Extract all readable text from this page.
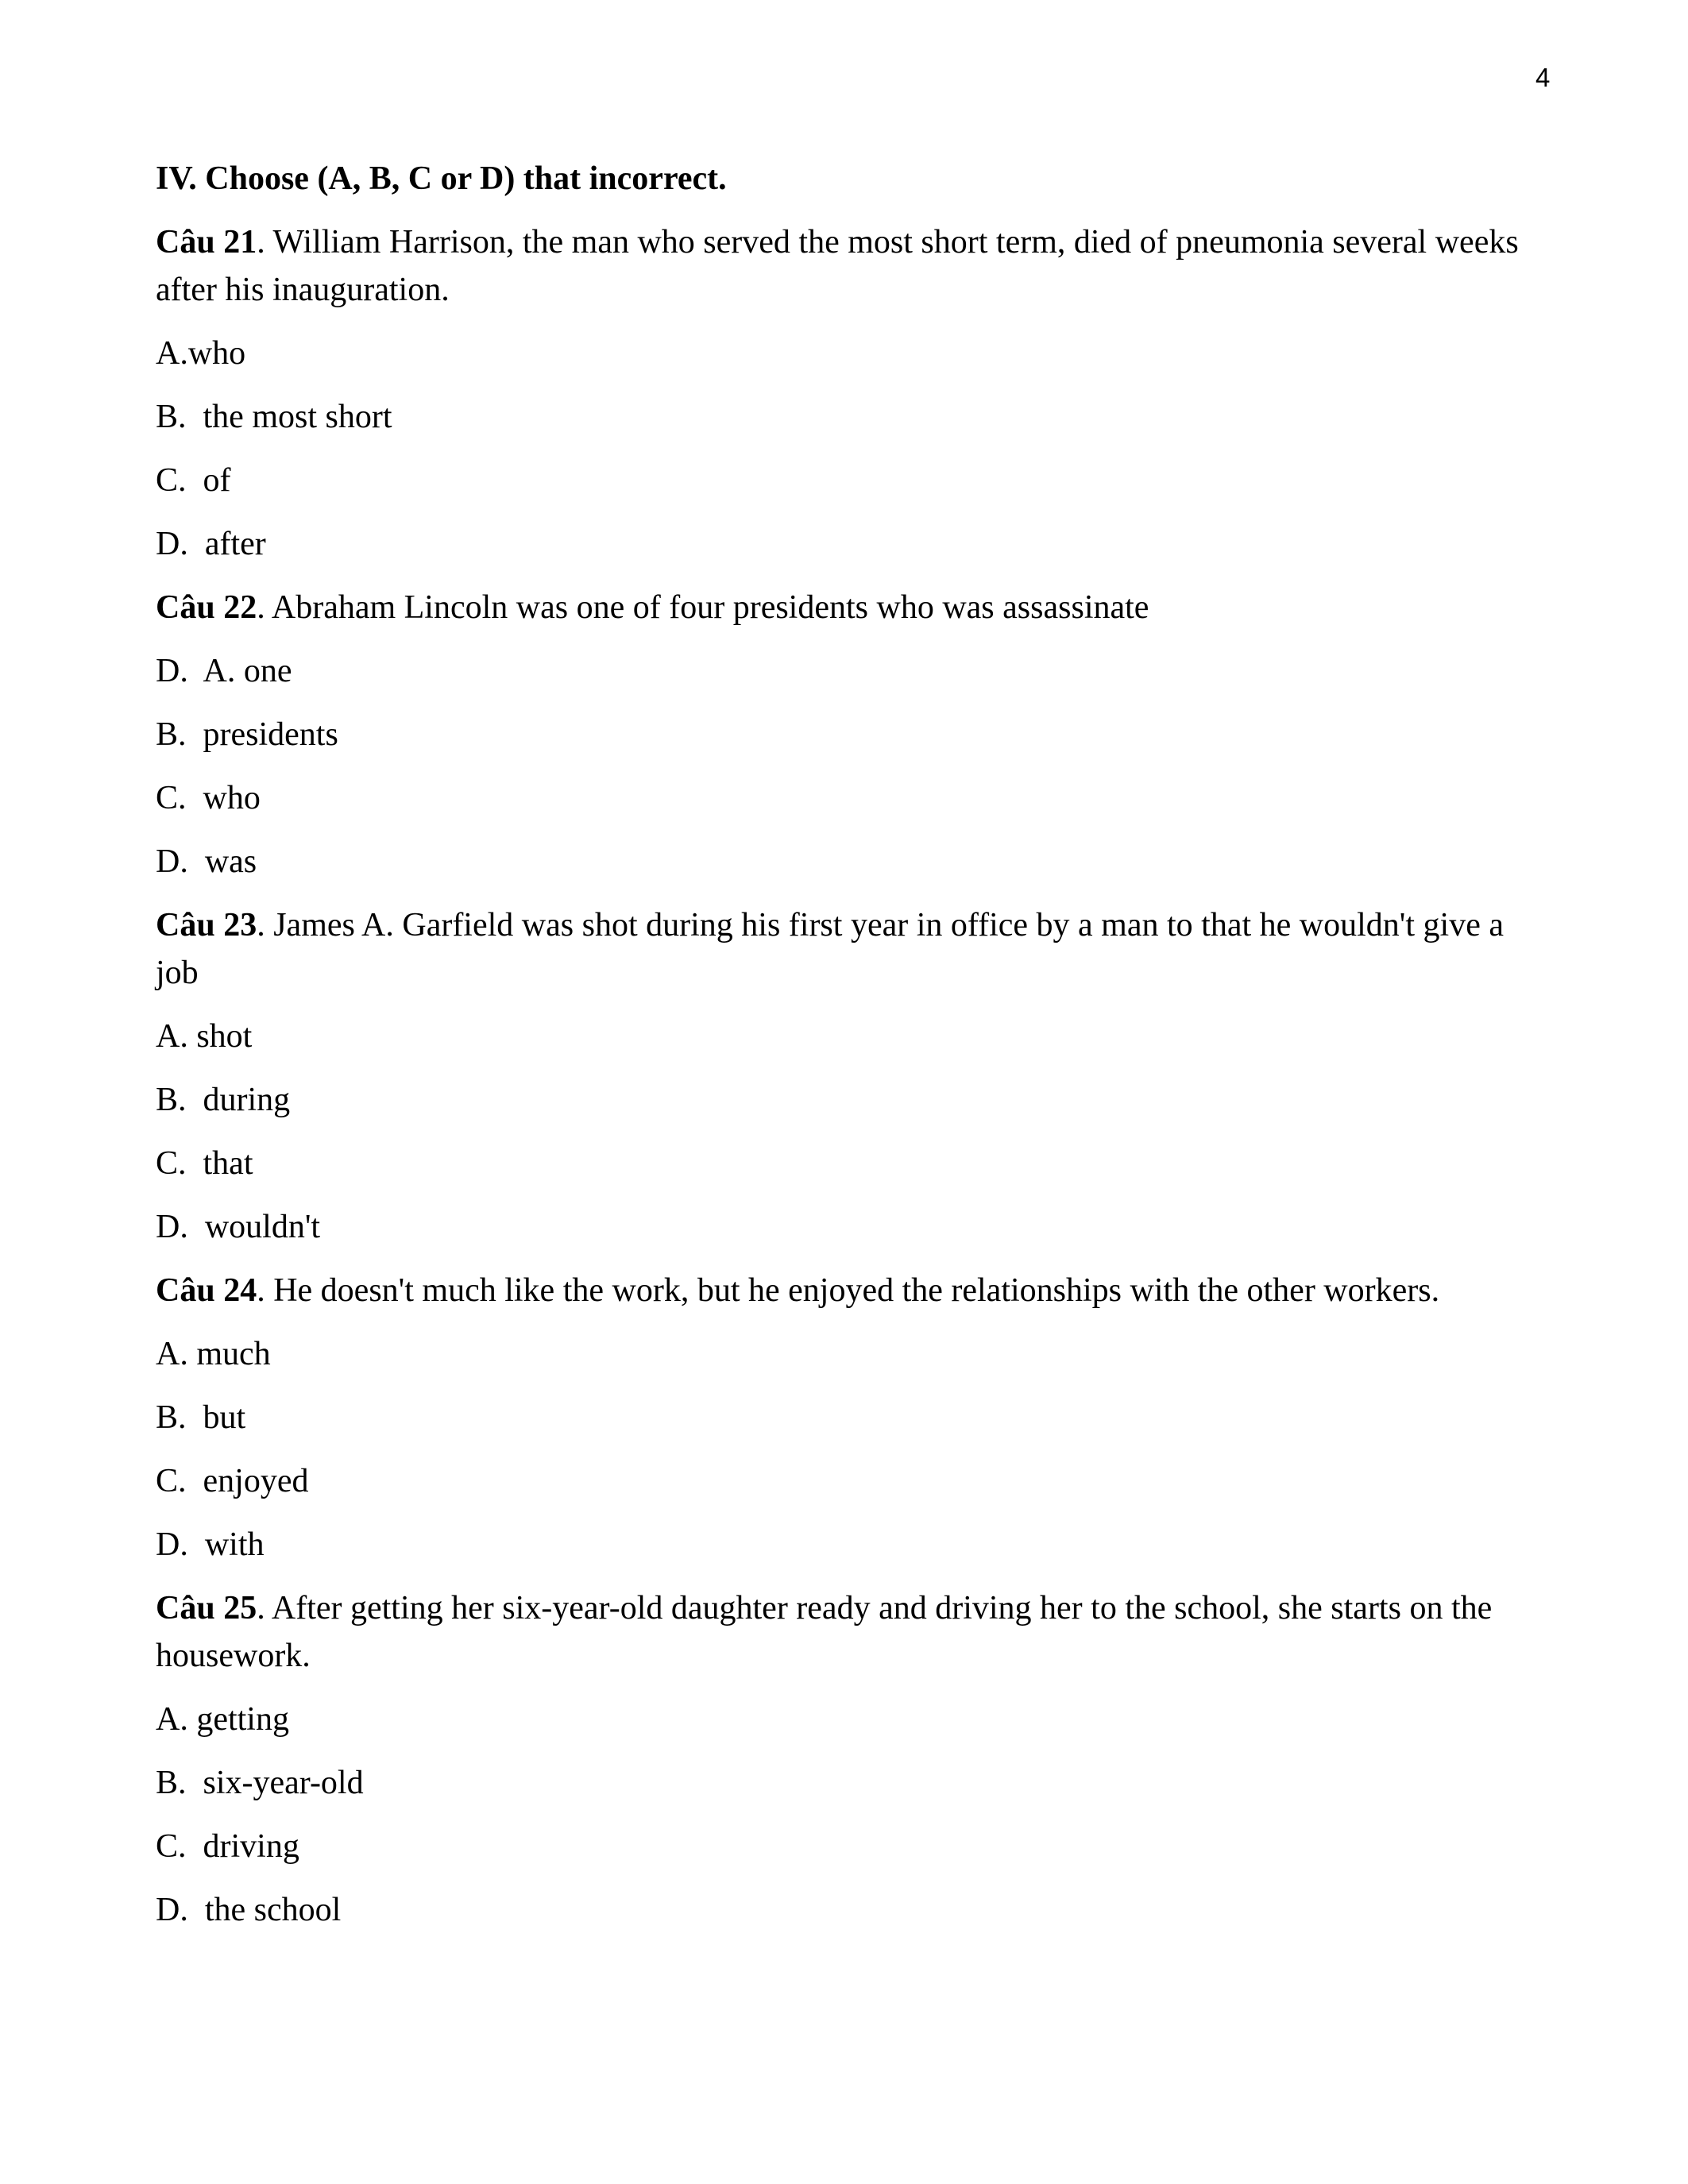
4
IV. Choose (A, B, C or D) that incorrect.
Câu 21. William Harrison, the man who served the most short term, died of pneumonia several weeks after his inauguration.
A.who
B.  the most short
C.  of
D.  after
Câu 22. Abraham Lincoln was one of four presidents who was assassinate
D.  A. one
B.  presidents
C.  who
D.  was
Câu 23. James A. Garfield was shot during his first year in office by a man to that he wouldn't give a job
A. shot
B.  during
C.  that
D.  wouldn't
Câu 24. He doesn't much like the work, but he enjoyed the relationships with the other workers.
A. much
B.  but
C.  enjoyed
D.  with
Câu 25. After getting her six-year-old daughter ready and driving her to the school, she starts on the housework.
A. getting
B.  six-year-old
C.  driving
D.  the school
